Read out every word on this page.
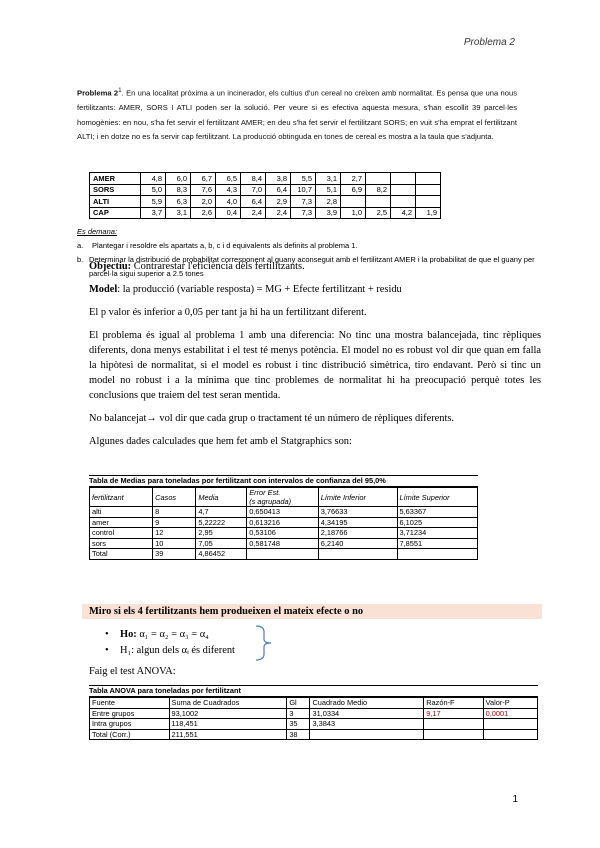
Problema 2
Problema $2^1$. En una localitat pròxima a un incinerador, els cultius d'un cereal no creixen amb normalitat. Es pensa que una nous fertilitzants: AMER, SORS I ATLI poden ser la solució. Per veure si es efectiva aquesta mesura, s'han escollit 39 parcel·les homogènies: en nou, s'ha fet servir el fertilitzant AMER; en deu s'ha fet servir el fertilitzant SORS; en vuit s'ha emprat el fertilitzant ALTI; i en dotze no es fa servir cap fertilitzant. La producció obtinguda en tones de cereal es mostra a la taula que s'adjunta.
AMER	4,8	6,0	6,7	6,5	8,4	3,8	5,5	3,1	2,7			
SORS	5,0	8,3	7,6	4,3	7,0	6,4	10,7	5,1	6,9	8,2		
ALTI	5,9	6,3	2,0	4,0	6,4	2,9	7,3	2,8				
CAP	3,7	3,1	2,6	0,4	2,4	2,4	7,3	3,9	1,0	2,5	4,2	1,9
Es demana:
a.	Plantegar i resoldre els apartats a, b, c i d equivalents als definits al problema 1.
b. Determinar la distribució de probabilitat corresponent al guany aconseguit amb el fertilitzant AMER i la probabilitat de que el guany per parcel·la sigui superior a 2.5 tones

Objectiu: Contrarestar l'eficiència dels fertilitzants.

Model: la producció (variable resposta) = MG + Efecte fertilitzant + residu

El p valor és inferior a 0,05 per tant ja hi ha un fertilitzant diferent.

El problema és igual al problema 1 amb una diferencia: No tinc una mostra balancejada, tinc rèpliques diferents, dona menys estabilitat i el test té menys potència. El model no es robust vol dir que quan em falla la hipòtesi de normalitat, si el model es robust i tinc distribució simètrica, tiro endavant. Però si tinc un model no robust i a la mínima que tinc problemes de normalitat hi ha preocupació perquè totes les conclusions que traiem del test seran mentida.

No balancejat→ vol dir que cada grup o tractament té un número de rèpliques diferents.

Algunes dades calculades que hem fet amb el Statgraphics son:

Tabla de Medias para toneladas por fertilitzant con intervalos de confianza del 95,0%
fertilitzant	Casos	Media	Error Est.
(s agrupada)	Límite Inferior	Límite Superior
alti	8	4,7	0,650413	3,76633	5,63367
amer	9	5,22222	0,613216	4,34195	6,1025
control	12	2,95	0,53106	2,18766	3,71234
sors	10	7,05	0,581748	6,2140	7,8551
Total	39	4,86452			
Miro si els 4 fertilitzants hem produeixen el mateix efecte o no
• Ho: α₁ = α₂ = α₃ = α₄
• H₁: algun dels αᵢ és diferent
Faig el test ANOVA:
Tabla ANOVA para toneladas por fertilitzant
Fuente	Suma de Cuadrados	Gl	Cuadrado Medio	Razón-F	Valor-P
Entre grupos	93,1002	3	31,0334	9,17	0,0001
Intra grupos	118,451	35	3,3843		
Total (Corr.)	211,551	38			
1
